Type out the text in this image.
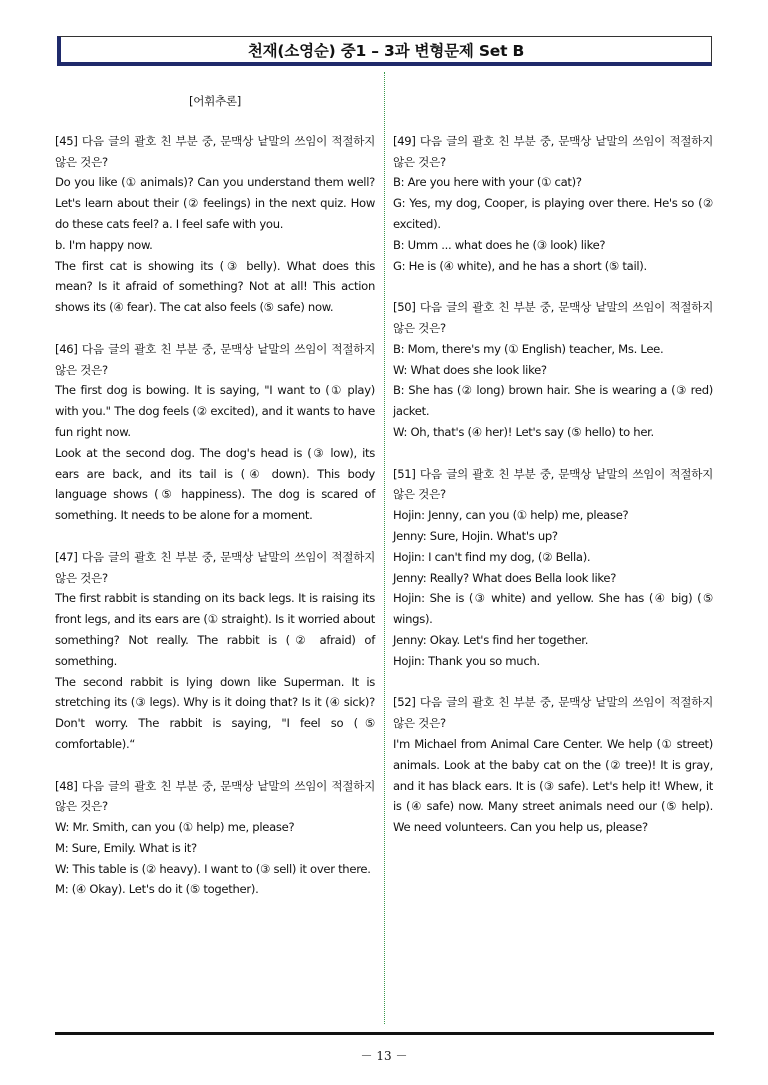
천재(소영순) 중1 – 3과 변형문제 Set B

[어휘추론]

[45] 다음 글의 괄호 친 부분 중, 문맥상 낱말의 쓰임이 적절하지 않은 것은?

Do you like (① animals)? Can you understand them well? Let's learn about their (② feelings) in the next quiz. How do these cats feel? a. I feel safe with you.

b. I'm happy now.

The first cat is showing its (③ belly). What does this mean? Is it afraid of something? Not at all! This action shows its (④ fear). The cat also feels (⑤ safe) now.

[46] 다음 글의 괄호 친 부분 중, 문맥상 낱말의 쓰임이 적절하지 않은 것은?

The first dog is bowing. It is saying, "I want to (① play) with you." The dog feels (② excited), and it wants to have fun right now.

Look at the second dog. The dog's head is (③ low), its ears are back, and its tail is (④ down). This body language shows (⑤ happiness). The dog is scared of something. It needs to be alone for a moment.

[47] 다음 글의 괄호 친 부분 중, 문맥상 낱말의 쓰임이 적절하지 않은 것은?

The first rabbit is standing on its back legs. It is raising its front legs, and its ears are (① straight). Is it worried about something? Not really. The rabbit is (② afraid) of something.

The second rabbit is lying down like Superman. It is stretching its (③ legs). Why is it doing that? Is it (④ sick)? Don't worry. The rabbit is saying, "I feel so (⑤ comfortable).“

[48] 다음 글의 괄호 친 부분 중, 문맥상 낱말의 쓰임이 적절하지 않은 것은?

W: Mr. Smith, can you (① help) me, please?

M: Sure, Emily. What is it?

W: This table is (② heavy). I want to (③ sell) it over there.

M: (④ Okay). Let's do it (⑤ together).

[49] 다음 글의 괄호 친 부분 중, 문맥상 낱말의 쓰임이 적절하지 않은 것은?

B: Are you here with your (① cat)?

G: Yes, my dog, Cooper, is playing over there. He's so (② excited).

B: Umm ... what does he (③ look) like?

G: He is (④ white), and he has a short (⑤ tail).

[50] 다음 글의 괄호 친 부분 중, 문맥상 낱말의 쓰임이 적절하지 않은 것은?

B: Mom, there's my (① English) teacher, Ms. Lee.

W: What does she look like?

B: She has (② long) brown hair. She is wearing a (③ red) jacket.

W: Oh, that's (④ her)! Let's say (⑤ hello) to her.

[51] 다음 글의 괄호 친 부분 중, 문맥상 낱말의 쓰임이 적절하지 않은 것은?

Hojin: Jenny, can you (① help) me, please?

Jenny: Sure, Hojin. What's up?

Hojin: I can't find my dog, (② Bella).

Jenny: Really? What does Bella look like?

Hojin: She is (③ white) and yellow. She has (④ big) (⑤ wings).

Jenny: Okay. Let's find her together.

Hojin: Thank you so much.

[52] 다음 글의 괄호 친 부분 중, 문맥상 낱말의 쓰임이 적절하지 않은 것은?

I'm Michael from Animal Care Center. We help (① street) animals. Look at the baby cat on the (② tree)! It is gray, and it has black ears. It is (③ safe). Let's help it! Whew, it is (④ safe) now. Many street animals need our (⑤ help). We need volunteers. Can you help us, please?

－ 13 －
